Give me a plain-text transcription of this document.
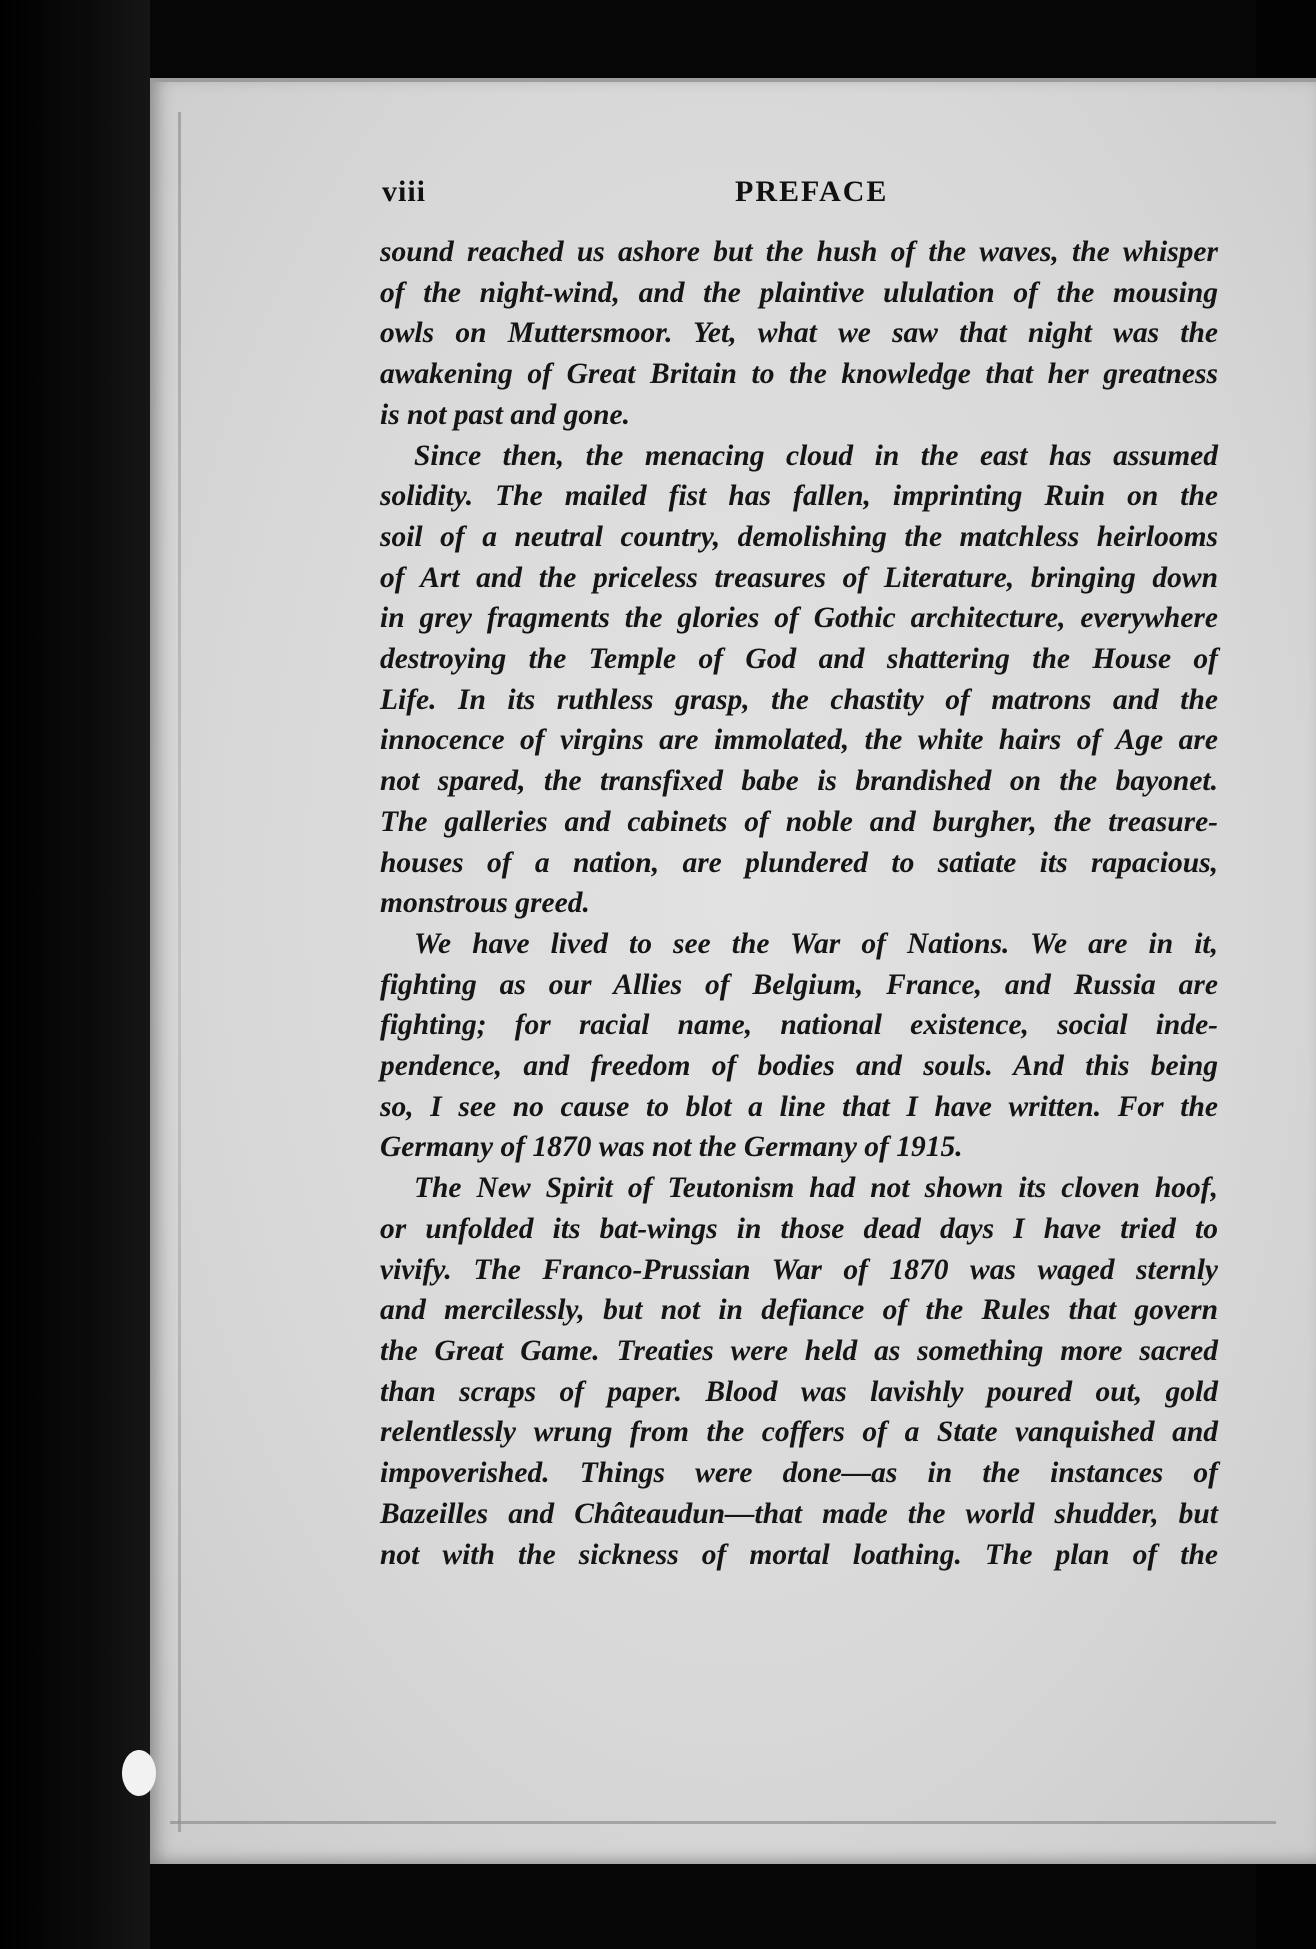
viii	PREFACE
sound reached us ashore but the hush of the waves, the whisper
of the night-wind, and the plaintive ululation of the mousing
owls on Muttersmoor. Yet, what we saw that night was the
awakening of Great Britain to the knowledge that her greatness
is not past and gone.
Since then, the menacing cloud in the east has assumed
solidity. The mailed fist has fallen, imprinting Ruin on the
soil of a neutral country, demolishing the matchless heirlooms
of Art and the priceless treasures of Literature, bringing down
in grey fragments the glories of Gothic architecture, everywhere
destroying the Temple of God and shattering the House of
Life. In its ruthless grasp, the chastity of matrons and the
innocence of virgins are immolated, the white hairs of Age are
not spared, the transfixed babe is brandished on the bayonet.
The galleries and cabinets of noble and burgher, the treasure-
houses of a nation, are plundered to satiate its rapacious,
monstrous greed.
We have lived to see the War of Nations. We are in it,
fighting as our Allies of Belgium, France, and Russia are
fighting; for racial name, national existence, social inde-
pendence, and freedom of bodies and souls. And this being
so, I see no cause to blot a line that I have written. For the
Germany of 1870 was not the Germany of 1915.
The New Spirit of Teutonism had not shown its cloven hoof,
or unfolded its bat-wings in those dead days I have tried to
vivify. The Franco-Prussian War of 1870 was waged sternly
and mercilessly, but not in defiance of the Rules that govern
the Great Game. Treaties were held as something more sacred
than scraps of paper. Blood was lavishly poured out, gold
relentlessly wrung from the coffers of a State vanquished and
impoverished. Things were done—as in the instances of
Bazeilles and Châteaudun—that made the world shudder, but
not with the sickness of mortal loathing. The plan of the
